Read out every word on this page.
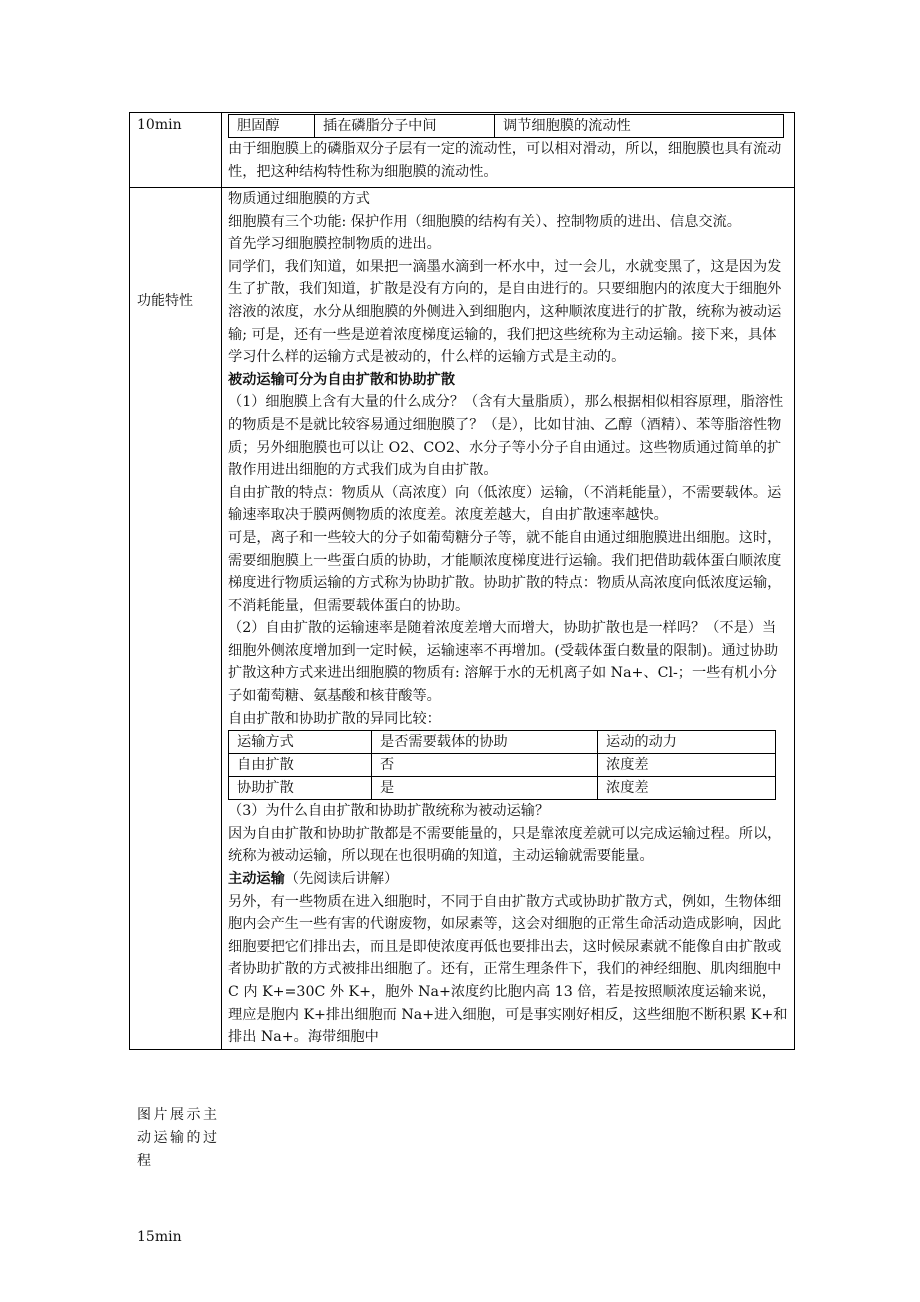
10min
		胆固醇	插在磷脂分子中间	调节细胞膜的流动性

由于细胞膜上的磷脂双分子层有一定的流动性，可以相对滑动，所以，细胞膜也具有流动性，把这种结构特性称为细胞膜的流动性。

功能特性
图片展示主动运输的过程
15min

物质通过细胞膜的方式

细胞膜有三个功能: 保护作用（细胞膜的结构有关）、控制物质的进出、信息交流。

首先学习细胞膜控制物质的进出。

同学们，我们知道，如果把一滴墨水滴到一杯水中，过一会儿，水就变黑了，这是因为发生了扩散，我们知道，扩散是没有方向的，是自由进行的。只要细胞内的浓度大于细胞外溶液的浓度，水分从细胞膜的外侧进入到细胞内，这种顺浓度进行的扩散，统称为被动运输; 可是，还有一些是逆着浓度梯度运输的，我们把这些统称为主动运输。接下来，具体学习什么样的运输方式是被动的，什么样的运输方式是主动的。

被动运输可分为自由扩散和协助扩散

（1）细胞膜上含有大量的什么成分？（含有大量脂质），那么根据相似相容原理，脂溶性的物质是不是就比较容易通过细胞膜了？（是），比如甘油、乙醇（酒精）、苯等脂溶性物质；另外细胞膜也可以让 O2、CO2、水分子等小分子自由通过。这些物质通过简单的扩散作用进出细胞的方式我们成为自由扩散。

自由扩散的特点：物质从（高浓度）向（低浓度）运输，（不消耗能量），不需要载体。运输速率取决于膜两侧物质的浓度差。浓度差越大，自由扩散速率越快。

可是，离子和一些较大的分子如葡萄糖分子等，就不能自由通过细胞膜进出细胞。这时，需要细胞膜上一些蛋白质的协助，才能顺浓度梯度进行运输。我们把借助载体蛋白顺浓度梯度进行物质运输的方式称为协助扩散。协助扩散的特点：物质从高浓度向低浓度运输，不消耗能量，但需要载体蛋白的协助。

（2）自由扩散的运输速率是随着浓度差增大而增大，协助扩散也是一样吗？（不是）当细胞外侧浓度增加到一定时候，运输速率不再增加。(受载体蛋白数量的限制)。通过协助扩散这种方式来进出细胞膜的物质有: 溶解于水的无机离子如 Na+、Cl-；一些有机小分子如葡萄糖、氨基酸和核苷酸等。

自由扩散和协助扩散的异同比较：

运输方式	是否需要载体的协助	运动的动力
自由扩散	否	浓度差
协助扩散	是	浓度差

（3）为什么自由扩散和协助扩散统称为被动运输？

因为自由扩散和协助扩散都是不需要能量的，只是靠浓度差就可以完成运输过程。所以，统称为被动运输，所以现在也很明确的知道，主动运输就需要能量。

主动运输（先阅读后讲解）

另外，有一些物质在进入细胞时，不同于自由扩散方式或协助扩散方式，例如，生物体细胞内会产生一些有害的代谢废物，如尿素等，这会对细胞的正常生命活动造成影响，因此细胞要把它们排出去，而且是即使浓度再低也要排出去，这时候尿素就不能像自由扩散或者协助扩散的方式被排出细胞了。还有，正常生理条件下，我们的神经细胞、肌肉细胞中 C 内 K+=30C 外 K+，胞外 Na+浓度约比胞内高 13 倍，若是按照顺浓度运输来说，理应是胞内 K+排出细胞而 Na+进入细胞，可是事实刚好相反，这些细胞不断积累 K+和排出 Na+。海带细胞中
